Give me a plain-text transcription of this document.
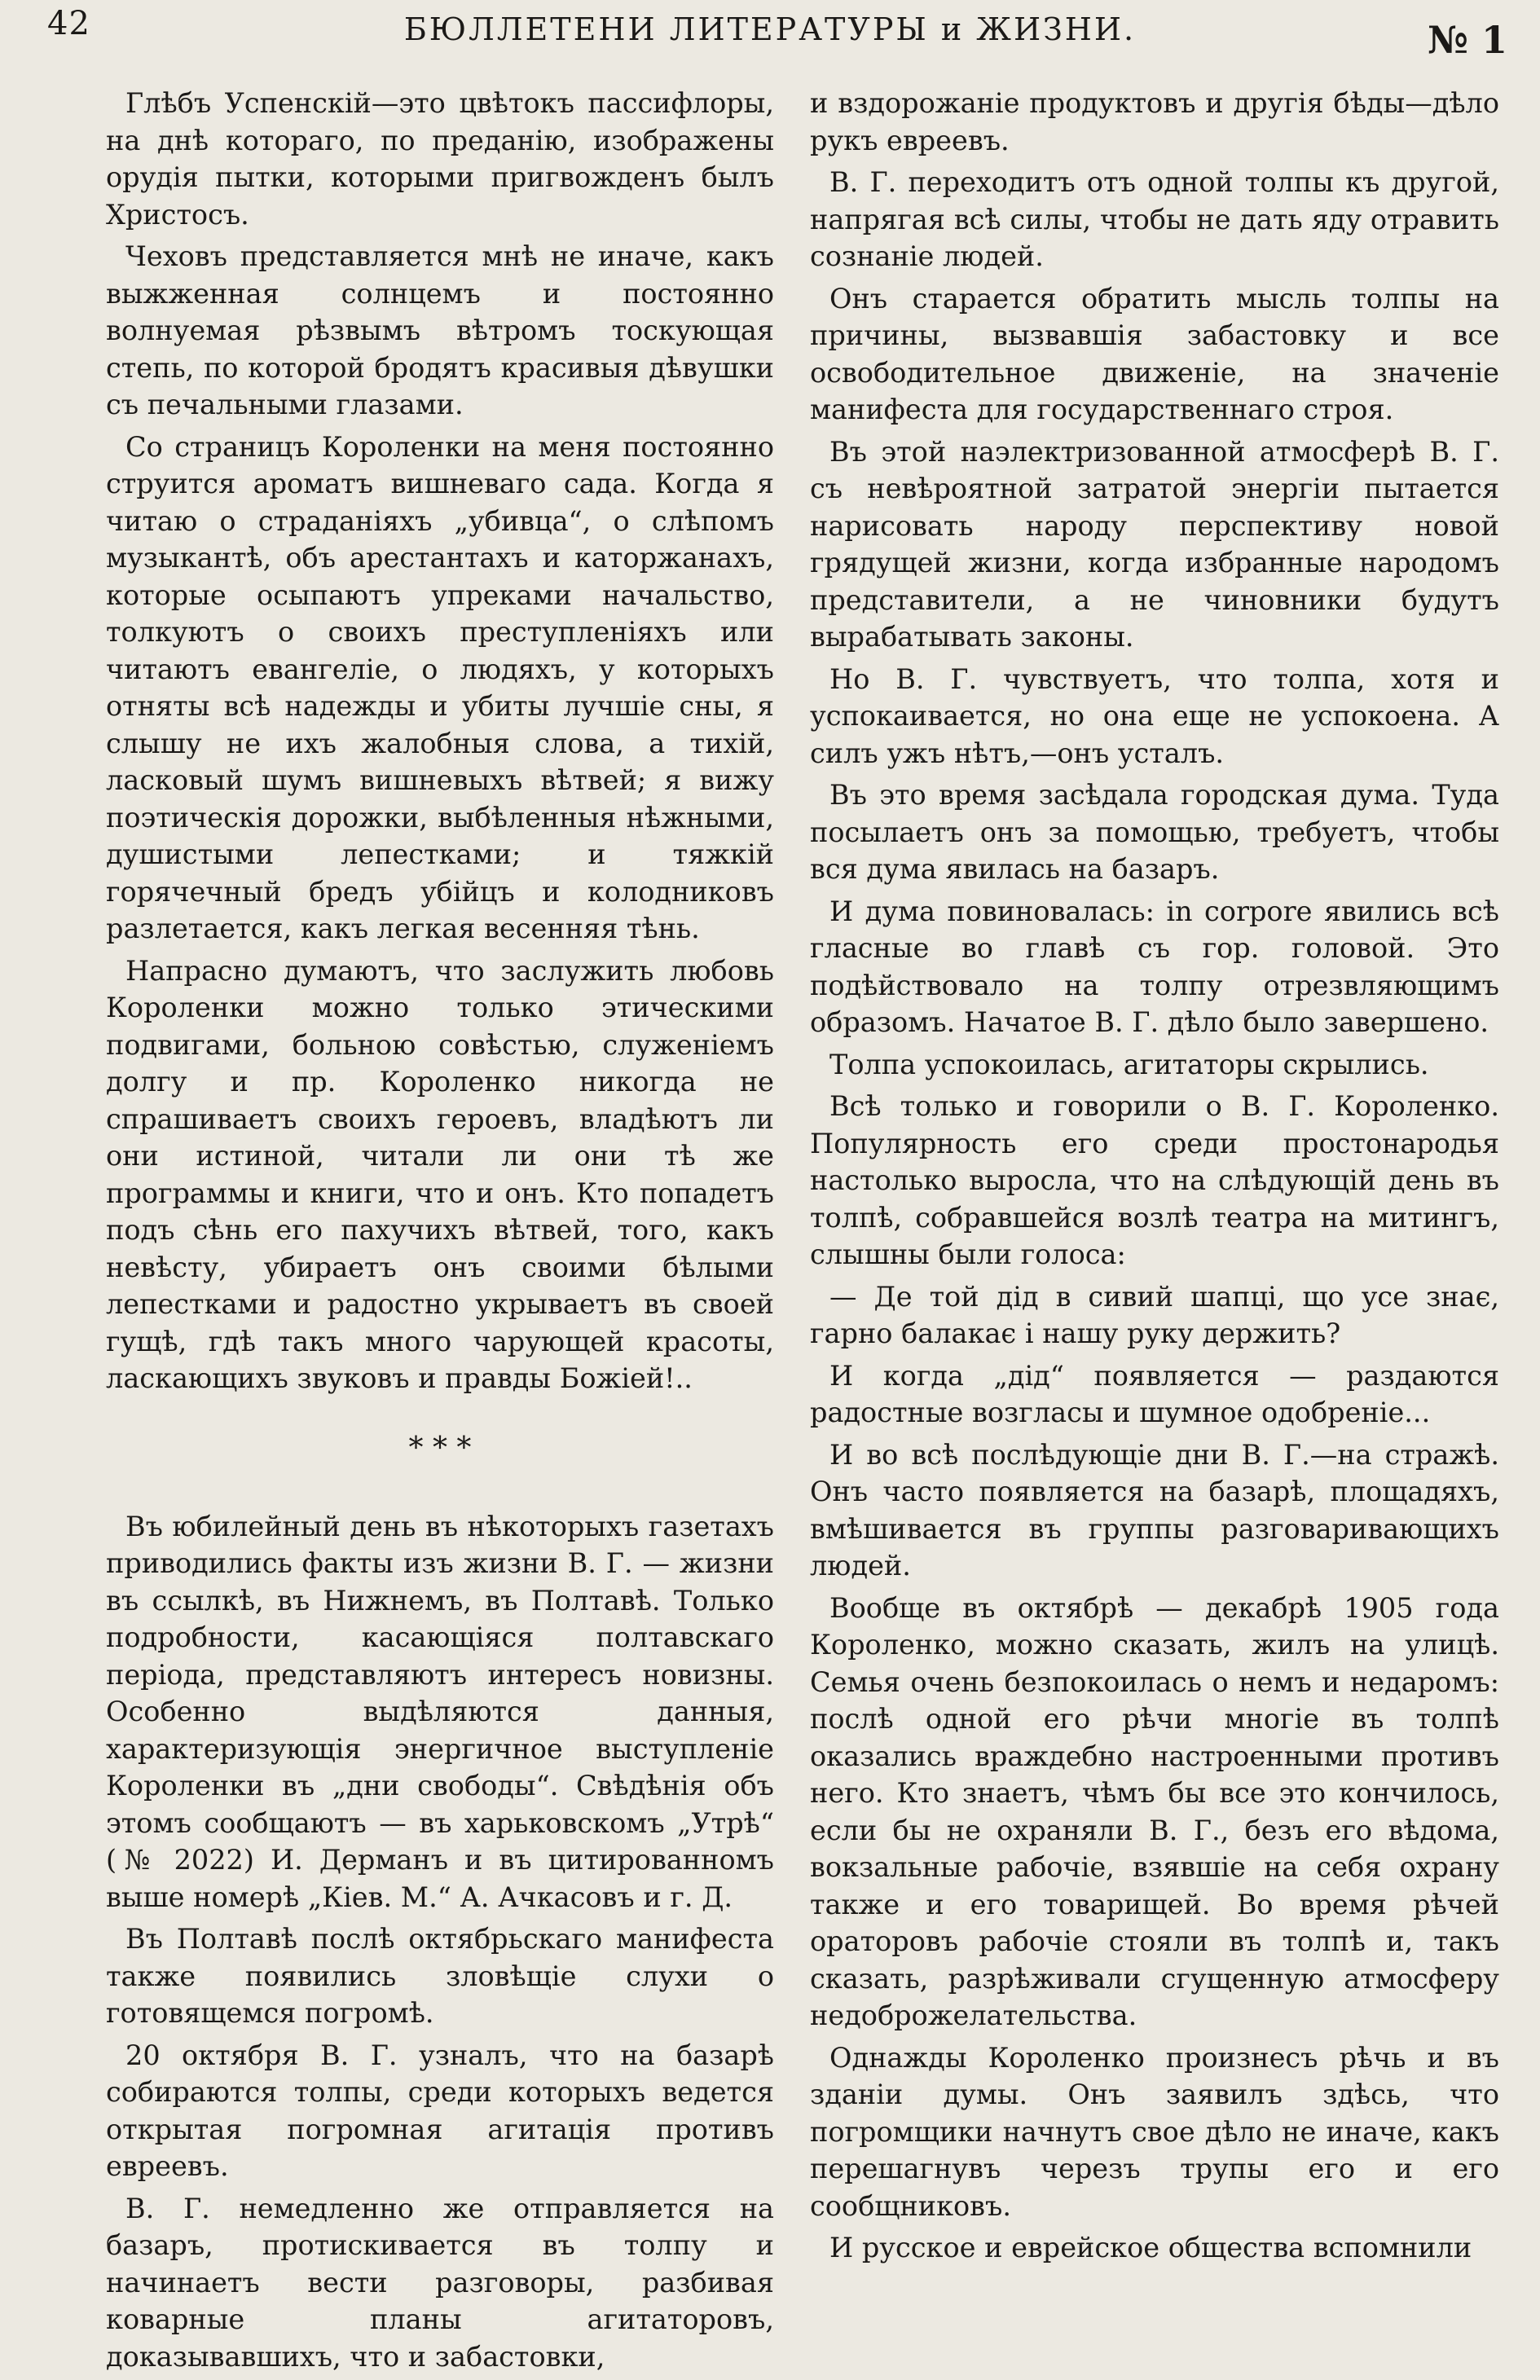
42	БЮЛЛЕТЕНИ ЛИТЕРАТУРЫ и ЖИЗНИ.	№ 1

Глѣбъ Успенскій—это цвѣтокъ пассифлоры, на днѣ котораго, по преданію, изображены орудія пытки, которыми пригвожденъ былъ Христосъ.

Чеховъ представляется мнѣ не иначе, какъ выжженная солнцемъ и постоянно волнуемая рѣзвымъ вѣтромъ тоскующая степь, по которой бродятъ красивыя дѣвушки съ печальными глазами.

Со страницъ Короленки на меня постоянно струится ароматъ вишневаго сада. Когда я читаю о страданіяхъ „убивца“, о слѣпомъ музыкантѣ, объ арестантахъ и каторжанахъ, которые осыпаютъ упреками начальство, толкуютъ о своихъ преступленіяхъ или читаютъ евангеліе, о людяхъ, у которыхъ отняты всѣ надежды и убиты лучшіе сны, я слышу не ихъ жалобныя слова, а тихій, ласковый шумъ вишневыхъ вѣтвей; я вижу поэтическія дорожки, выбѣленныя нѣжными, душистыми лепестками; и тяжкій горячечный бредъ убійцъ и колодниковъ разлетается, какъ легкая весенняя тѣнь.

Напрасно думаютъ, что заслужить любовь Короленки можно только этическими подвигами, больною совѣстью, служеніемъ долгу и пр. Короленко никогда не спрашиваетъ своихъ героевъ, владѣютъ ли они истиной, читали ли они тѣ же программы и книги, что и онъ. Кто попадетъ подъ сѣнь его пахучихъ вѣтвей, того, какъ невѣсту, убираетъ онъ своими бѣлыми лепестками и радостно укрываетъ въ своей гущѣ, гдѣ такъ много чарующей красоты, ласкающихъ звуковъ и правды Божіей!..

* * *

Въ юбилейный день въ нѣкоторыхъ газетахъ приводились факты изъ жизни В. Г. — жизни въ ссылкѣ, въ Нижнемъ, въ Полтавѣ. Только подробности, касающіяся полтавскаго періода, представляютъ интересъ новизны. Особенно выдѣляются данныя, характеризующія энергичное выступленіе Короленки въ „дни свободы“. Свѣдѣнія объ этомъ сообщаютъ — въ харьковскомъ „Утрѣ“ (№ 2022) И. Дерманъ и въ цитированномъ выше номерѣ „Кіев. М.“ А. Ачкасовъ и г. Д.

Въ Полтавѣ послѣ октябрьскаго манифеста также появились зловѣщіе слухи о готовящемся погромѣ.

20 октября В. Г. узналъ, что на базарѣ собираются толпы, среди которыхъ ведется открытая погромная агитація противъ евреевъ.

В. Г. немедленно же отправляется на базаръ, протискивается въ толпу и начинаетъ вести разговоры, разбивая коварные планы агитаторовъ, доказывавшихъ, что и забастовки,

и вздорожаніе продуктовъ и другія бѣды—дѣло рукъ евреевъ.

В. Г. переходитъ отъ одной толпы къ другой, напрягая всѣ силы, чтобы не дать яду отравить сознаніе людей.

Онъ старается обратить мысль толпы на причины, вызвавшія забастовку и все освободительное движеніе, на значеніе манифеста для государственнаго строя.

Въ этой наэлектризованной атмосферѣ В. Г. съ невѣроятной затратой энергіи пытается нарисовать народу перспективу новой грядущей жизни, когда избранные народомъ представители, а не чиновники будутъ вырабатывать законы.

Но В. Г. чувствуетъ, что толпа, хотя и успокаивается, но она еще не успокоена. А силъ ужъ нѣтъ,—онъ усталъ.

Въ это время засѣдала городская дума. Туда посылаетъ онъ за помощью, требуетъ, чтобы вся дума явилась на базаръ.

И дума повиновалась: in corpore явились всѣ гласные во главѣ съ гор. головой. Это подѣйствовало на толпу отрезвляющимъ образомъ. Начатое В. Г. дѣло было завершено.

Толпа успокоилась, агитаторы скрылись.

Всѣ только и говорили о В. Г. Короленко. Популярность его среди простонародья настолько выросла, что на слѣдующій день въ толпѣ, собравшейся возлѣ театра на митингъ, слышны были голоса:

— Де той дід в сивий шапці, що усе знає, гарно балакає і нашу руку держить?

И когда „дід“ появляется — раздаются радостные возгласы и шумное одобреніе...

И во всѣ послѣдующіе дни В. Г.—на стражѣ. Онъ часто появляется на базарѣ, площадяхъ, вмѣшивается въ группы разговаривающихъ людей.

Вообще въ октябрѣ — декабрѣ 1905 года Короленко, можно сказать, жилъ на улицѣ. Семья очень безпокоилась о немъ и недаромъ: послѣ одной его рѣчи многіе въ толпѣ оказались враждебно настроенными противъ него. Кто знаетъ, чѣмъ бы все это кончилось, если бы не охраняли В. Г., безъ его вѣдома, вокзальные рабочіе, взявшіе на себя охрану также и его товарищей. Во время рѣчей ораторовъ рабочіе стояли въ толпѣ и, такъ сказать, разрѣживали сгущенную атмосферу недоброжелательства.

Однажды Короленко произнесъ рѣчь и въ зданіи думы. Онъ заявилъ здѣсь, что погромщики начнутъ свое дѣло не иначе, какъ перешагнувъ черезъ трупы его и его сообщниковъ.

И русское и еврейское общества вспомнили
